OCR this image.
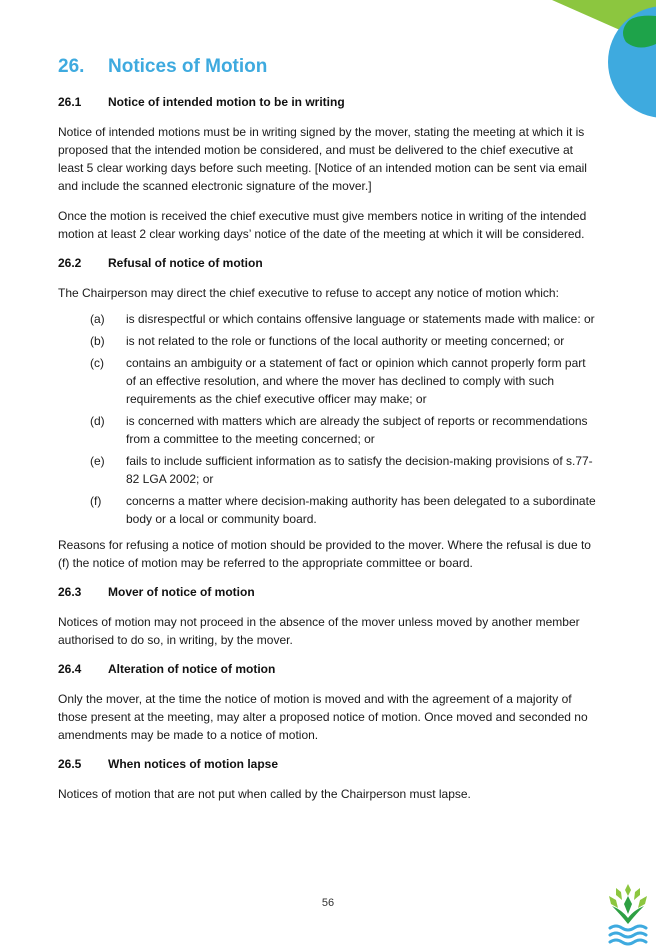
26.	Notices of Motion
26.1	Notice of intended motion to be in writing

Notice of intended motions must be in writing signed by the mover, stating the meeting at which it is proposed that the intended motion be considered, and must be delivered to the chief executive at least 5 clear working days before such meeting. [Notice of an intended motion can be sent via email and include the scanned electronic signature of the mover.]

Once the motion is received the chief executive must give members notice in writing of the intended motion at least 2 clear working days’ notice of the date of the meeting at which it will be considered.

26.2	Refusal of notice of motion

The Chairperson may direct the chief executive to refuse to accept any notice of motion which:

(a)	is disrespectful or which contains offensive language or statements made with malice: or
(b)	is not related to the role or functions of the local authority or meeting concerned; or
(c)	contains an ambiguity or a statement of fact or opinion which cannot properly form part of an effective resolution, and where the mover has declined to comply with such requirements as the chief executive officer may make; or
(d)	is concerned with matters which are already the subject of reports or recommendations from a committee to the meeting concerned; or
(e)	fails to include sufficient information as to satisfy the decision-making provisions of s.77-82 LGA 2002; or
(f)	concerns a matter where decision-making authority has been delegated to a subordinate body or a local or community board.

Reasons for refusing a notice of motion should be provided to the mover. Where the refusal is due to (f) the notice of motion may be referred to the appropriate committee or board.

26.3	Mover of notice of motion

Notices of motion may not proceed in the absence of the mover unless moved by another member authorised to do so, in writing, by the mover.

26.4	Alteration of notice of motion

Only the mover, at the time the notice of motion is moved and with the agreement of a majority of those present at the meeting, may alter a proposed notice of motion. Once moved and seconded no amendments may be made to a notice of motion.

26.5	When notices of motion lapse

Notices of motion that are not put when called by the Chairperson must lapse.

56
